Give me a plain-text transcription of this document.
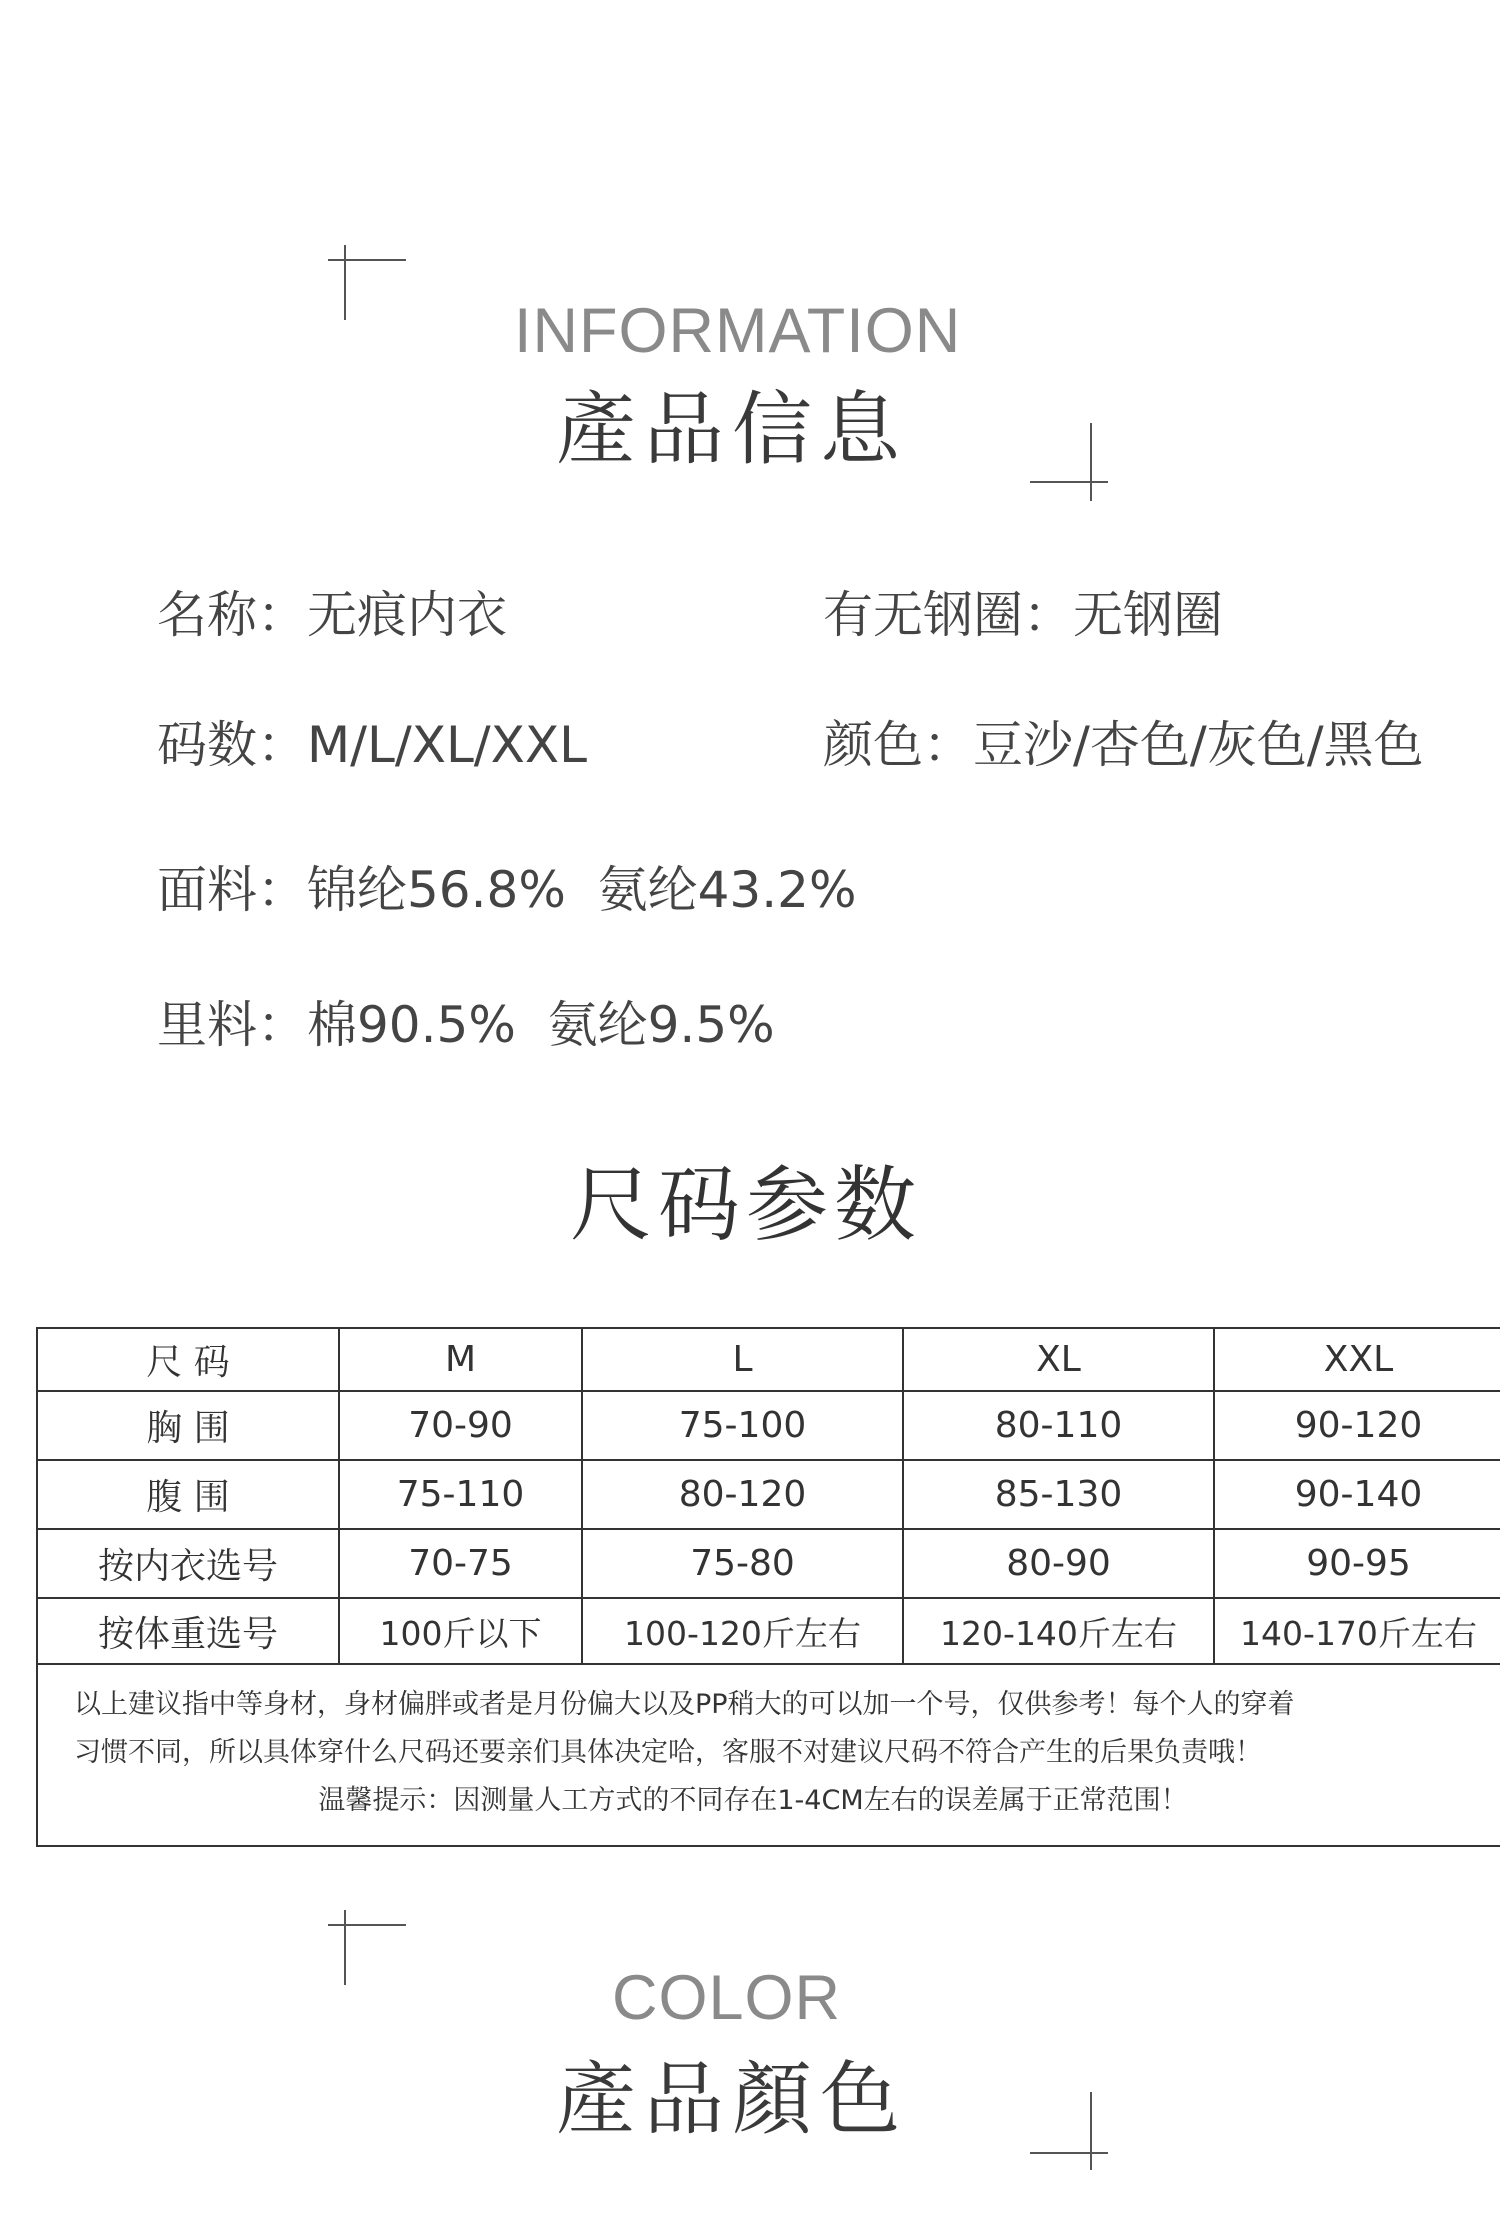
INFORMATION
產品信息
名称：无痕内衣	有无钢圈：无钢圈
码数：M/L/XL/XXL	颜色：豆沙/杏色/灰色/黑色
面料：锦纶56.8%  氨纶43.2%
里料：棉90.5%  氨纶9.5%
尺码参数
尺 码	M	L	XL	XXL
胸 围	70-90	75-100	80-110	90-120
腹 围	75-110	80-120	85-130	90-140
按内衣选号	70-75	75-80	80-90	90-95
按体重选号	100斤以下	100-120斤左右	120-140斤左右	140-170斤左右
以上建议指中等身材，身材偏胖或者是月份偏大以及PP稍大的可以加一个号，仅供参考！每个人的穿着
习惯不同，所以具体穿什么尺码还要亲们具体决定哈，客服不对建议尺码不符合产生的后果负责哦！
温馨提示：因测量人工方式的不同存在1-4CM左右的误差属于正常范围！
COLOR
產品顏色
